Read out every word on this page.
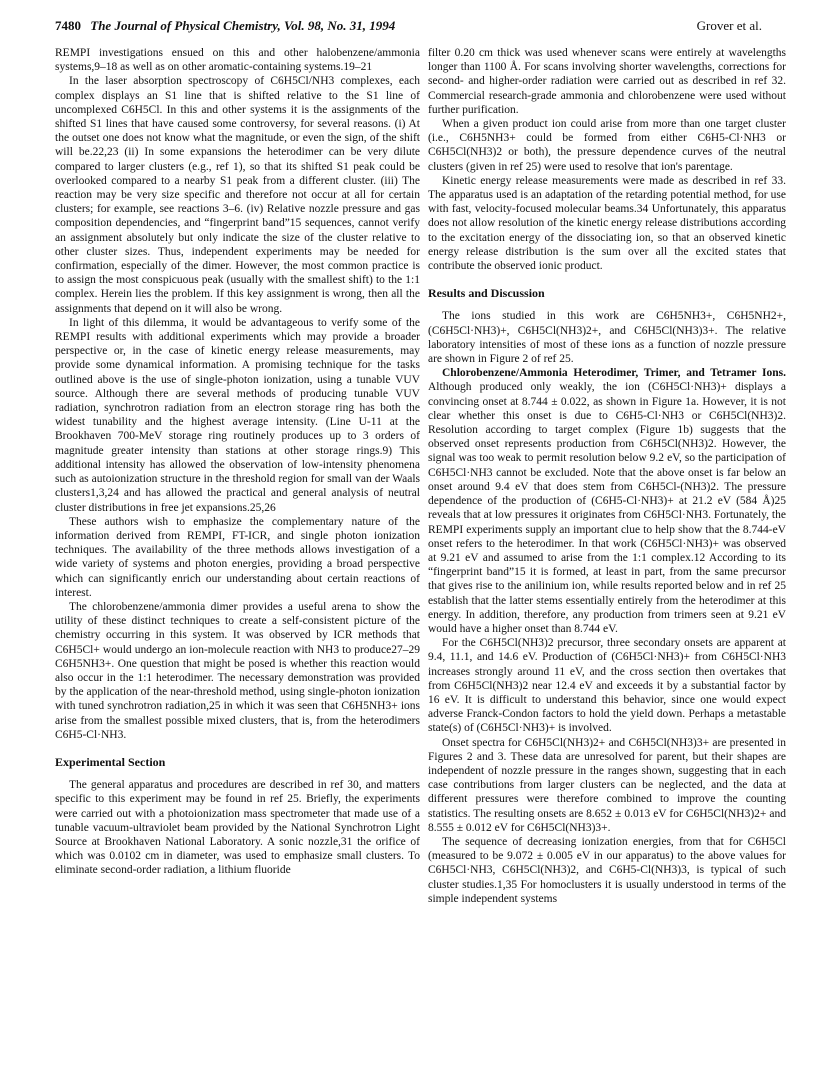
7480 The Journal of Physical Chemistry, Vol. 98, No. 31, 1994	Grover et al.

REMPI investigations ensued on this and other halobenzene/ammonia systems,9–18 as well as on other aromatic-containing systems.19–21

In the laser absorption spectroscopy of C6H5Cl/NH3 complexes, each complex displays an S1 line that is shifted relative to the S1 line of uncomplexed C6H5Cl. In this and other systems it is the assignments of the shifted S1 lines that have caused some controversy, for several reasons. (i) At the outset one does not know what the magnitude, or even the sign, of the shift will be.22,23 (ii) In some expansions the heterodimer can be very dilute compared to larger clusters (e.g., ref 1), so that its shifted S1 peak could be overlooked compared to a nearby S1 peak from a different cluster. (iii) The reaction may be very size specific and therefore not occur at all for certain clusters; for example, see reactions 3–6. (iv) Relative nozzle pressure and gas composition dependencies, and “fingerprint band”15 sequences, cannot verify an assignment absolutely but only indicate the size of the cluster relative to other cluster sizes. Thus, independent experiments may be needed for confirmation, especially of the dimer. However, the most common practice is to assign the most conspicuous peak (usually with the smallest shift) to the 1:1 complex. Herein lies the problem. If this key assignment is wrong, then all the assignments that depend on it will also be wrong.

In light of this dilemma, it would be advantageous to verify some of the REMPI results with additional experiments which may provide a broader perspective or, in the case of kinetic energy release measurements, may provide some dynamical information. A promising technique for the tasks outlined above is the use of single-photon ionization, using a tunable VUV source. Although there are several methods of producing tunable VUV radiation, synchrotron radiation from an electron storage ring has both the widest tunability and the highest average intensity. (Line U-11 at the Brookhaven 700-MeV storage ring routinely produces up to 3 orders of magnitude greater intensity than stations at other storage rings.9) This additional intensity has allowed the observation of low-intensity phenomena such as autoionization structure in the threshold region for small van der Waals clusters1,3,24 and has allowed the practical and general analysis of neutral cluster distributions in free jet expansions.25,26

These authors wish to emphasize the complementary nature of the information derived from REMPI, FT-ICR, and single photon ionization techniques. The availability of the three methods allows investigation of a wide variety of systems and photon energies, providing a broad perspective which can significantly enrich our understanding about certain reactions of interest.

The chlorobenzene/ammonia dimer provides a useful arena to show the utility of these distinct techniques to create a self-consistent picture of the chemistry occurring in this system. It was observed by ICR methods that C6H5Cl+ would undergo an ion-molecule reaction with NH3 to produce27–29 C6H5NH3+. One question that might be posed is whether this reaction would also occur in the 1:1 heterodimer. The necessary demonstration was provided by the application of the near-threshold method, using single-photon ionization with tuned synchrotron radiation,25 in which it was seen that C6H5NH3+ ions arise from the smallest possible mixed clusters, that is, from the heterodimers C6H5-Cl·NH3.

Experimental Section

The general apparatus and procedures are described in ref 30, and matters specific to this experiment may be found in ref 25. Briefly, the experiments were carried out with a photoionization mass spectrometer that made use of a tunable vacuum-ultraviolet beam provided by the National Synchrotron Light Source at Brookhaven National Laboratory. A sonic nozzle,31 the orifice of which was 0.0102 cm in diameter, was used to emphasize small clusters. To eliminate second-order radiation, a lithium fluoride

filter 0.20 cm thick was used whenever scans were entirely at wavelengths longer than 1100 Å. For scans involving shorter wavelengths, corrections for second- and higher-order radiation were carried out as described in ref 32. Commercial research-grade ammonia and chlorobenzene were used without further purification.

When a given product ion could arise from more than one target cluster (i.e., C6H5NH3+ could be formed from either C6H5-Cl·NH3 or C6H5Cl(NH3)2 or both), the pressure dependence curves of the neutral clusters (given in ref 25) were used to resolve that ion's parentage.

Kinetic energy release measurements were made as described in ref 33. The apparatus used is an adaptation of the retarding potential method, for use with fast, velocity-focused molecular beams.34 Unfortunately, this apparatus does not allow resolution of the kinetic energy release distributions according to the excitation energy of the dissociating ion, so that an observed kinetic energy release distribution is the sum over all the excited states that contribute the observed ionic product.

Results and Discussion

The ions studied in this work are C6H5NH3+, C6H5NH2+, (C6H5Cl·NH3)+, C6H5Cl(NH3)2+, and C6H5Cl(NH3)3+. The relative laboratory intensities of most of these ions as a function of nozzle pressure are shown in Figure 2 of ref 25.

Chlorobenzene/Ammonia Heterodimer, Trimer, and Tetramer Ions. Although produced only weakly, the ion (C6H5Cl·NH3)+ displays a convincing onset at 8.744 ± 0.022, as shown in Figure 1a. However, it is not clear whether this onset is due to C6H5-Cl·NH3 or C6H5Cl(NH3)2. Resolution according to target complex (Figure 1b) suggests that the observed onset represents production from C6H5Cl(NH3)2. However, the signal was too weak to permit resolution below 9.2 eV, so the participation of C6H5Cl·NH3 cannot be excluded. Note that the above onset is far below an onset around 9.4 eV that does stem from C6H5Cl-(NH3)2. The pressure dependence of the production of (C6H5-Cl·NH3)+ at 21.2 eV (584 Å)25 reveals that at low pressures it originates from C6H5Cl·NH3. Fortunately, the REMPI experiments supply an important clue to help show that the 8.744-eV onset refers to the heterodimer. In that work (C6H5Cl·NH3)+ was observed at 9.21 eV and assumed to arise from the 1:1 complex.12 According to its “fingerprint band”15 it is formed, at least in part, from the same precursor that gives rise to the anilinium ion, while results reported below and in ref 25 establish that the latter stems essentially entirely from the heterodimer at this energy. In addition, therefore, any production from trimers seen at 9.21 eV would have a higher onset than 8.744 eV.

For the C6H5Cl(NH3)2 precursor, three secondary onsets are apparent at 9.4, 11.1, and 14.6 eV. Production of (C6H5Cl·NH3)+ from C6H5Cl·NH3 increases strongly around 11 eV, and the cross section then overtakes that from C6H5Cl(NH3)2 near 12.4 eV and exceeds it by a substantial factor by 16 eV. It is difficult to understand this behavior, since one would expect adverse Franck-Condon factors to hold the yield down. Perhaps a metastable state(s) of (C6H5Cl·NH3)+ is involved.

Onset spectra for C6H5Cl(NH3)2+ and C6H5Cl(NH3)3+ are presented in Figures 2 and 3. These data are unresolved for parent, but their shapes are independent of nozzle pressure in the ranges shown, suggesting that in each case contributions from larger clusters can be neglected, and the data at different pressures were therefore combined to improve the counting statistics. The resulting onsets are 8.652 ± 0.013 eV for C6H5Cl(NH3)2+ and 8.555 ± 0.012 eV for C6H5Cl(NH3)3+.

The sequence of decreasing ionization energies, from that for C6H5Cl (measured to be 9.072 ± 0.005 eV in our apparatus) to the above values for C6H5Cl·NH3, C6H5Cl(NH3)2, and C6H5-Cl(NH3)3, is typical of such cluster studies.1,35 For homoclusters it is usually understood in terms of the simple independent systems
